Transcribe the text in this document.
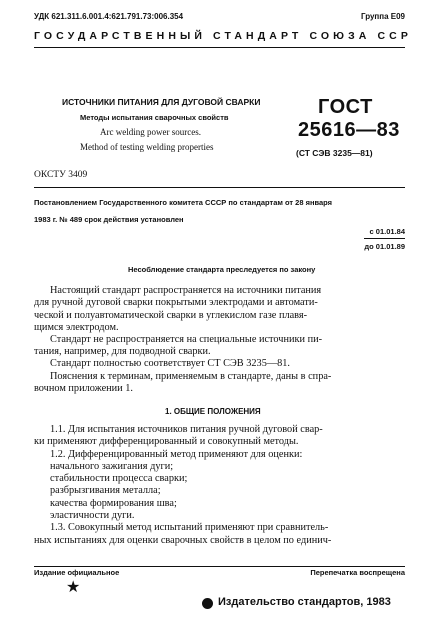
УДК 621.311.6.001.4:621.791.73:006.354	Группа Е09
ГОСУДАРСТВЕННЫЙ СТАНДАРТ СОЮЗА ССР
ИСТОЧНИКИ ПИТАНИЯ ДЛЯ ДУГОВОЙ СВАРКИ
Методы испытания сварочных свойств
Arc welding power sources.
Method of testing welding properties
ГОСТ
25616—83
(СТ СЭВ 3235—81)
ОКСТУ 3409
Постановлением Государственного комитета СССР по стандартам от 28 января
1983 г. № 489 срок действия установлен
с 01.01.84
до 01.01.89
Несоблюдение стандарта преследуется по закону
Настоящий стандарт распространяется на источники питания
для ручной дуговой сварки покрытыми электродами и автомати-
ческой и полуавтоматической сварки в углекислом газе плавя-
щимся электродом.
Стандарт не распространяется на специальные источники пи-
тания, например, для подводной сварки.
Стандарт полностью соответствует СТ СЭВ 3235—81.
Пояснения к терминам, применяемым в стандарте, даны в спра-
вочном приложении 1.
1. ОБЩИЕ ПОЛОЖЕНИЯ
1.1. Для испытания источников питания ручной дуговой свар-
ки применяют дифференцированный и совокупный методы.
1.2. Дифференцированный метод применяют для оценки:
начального зажигания дуги;
стабильности процесса сварки;
разбрызгивания металла;
качества формирования шва;
эластичности дуги.
1.3. Совокупный метод испытаний применяют при сравнитель-
ных испытаниях для оценки сварочных свойств в целом по единич-
Издание официальное	Перепечатка воспрещена
★
Издательство стандартов, 1983
